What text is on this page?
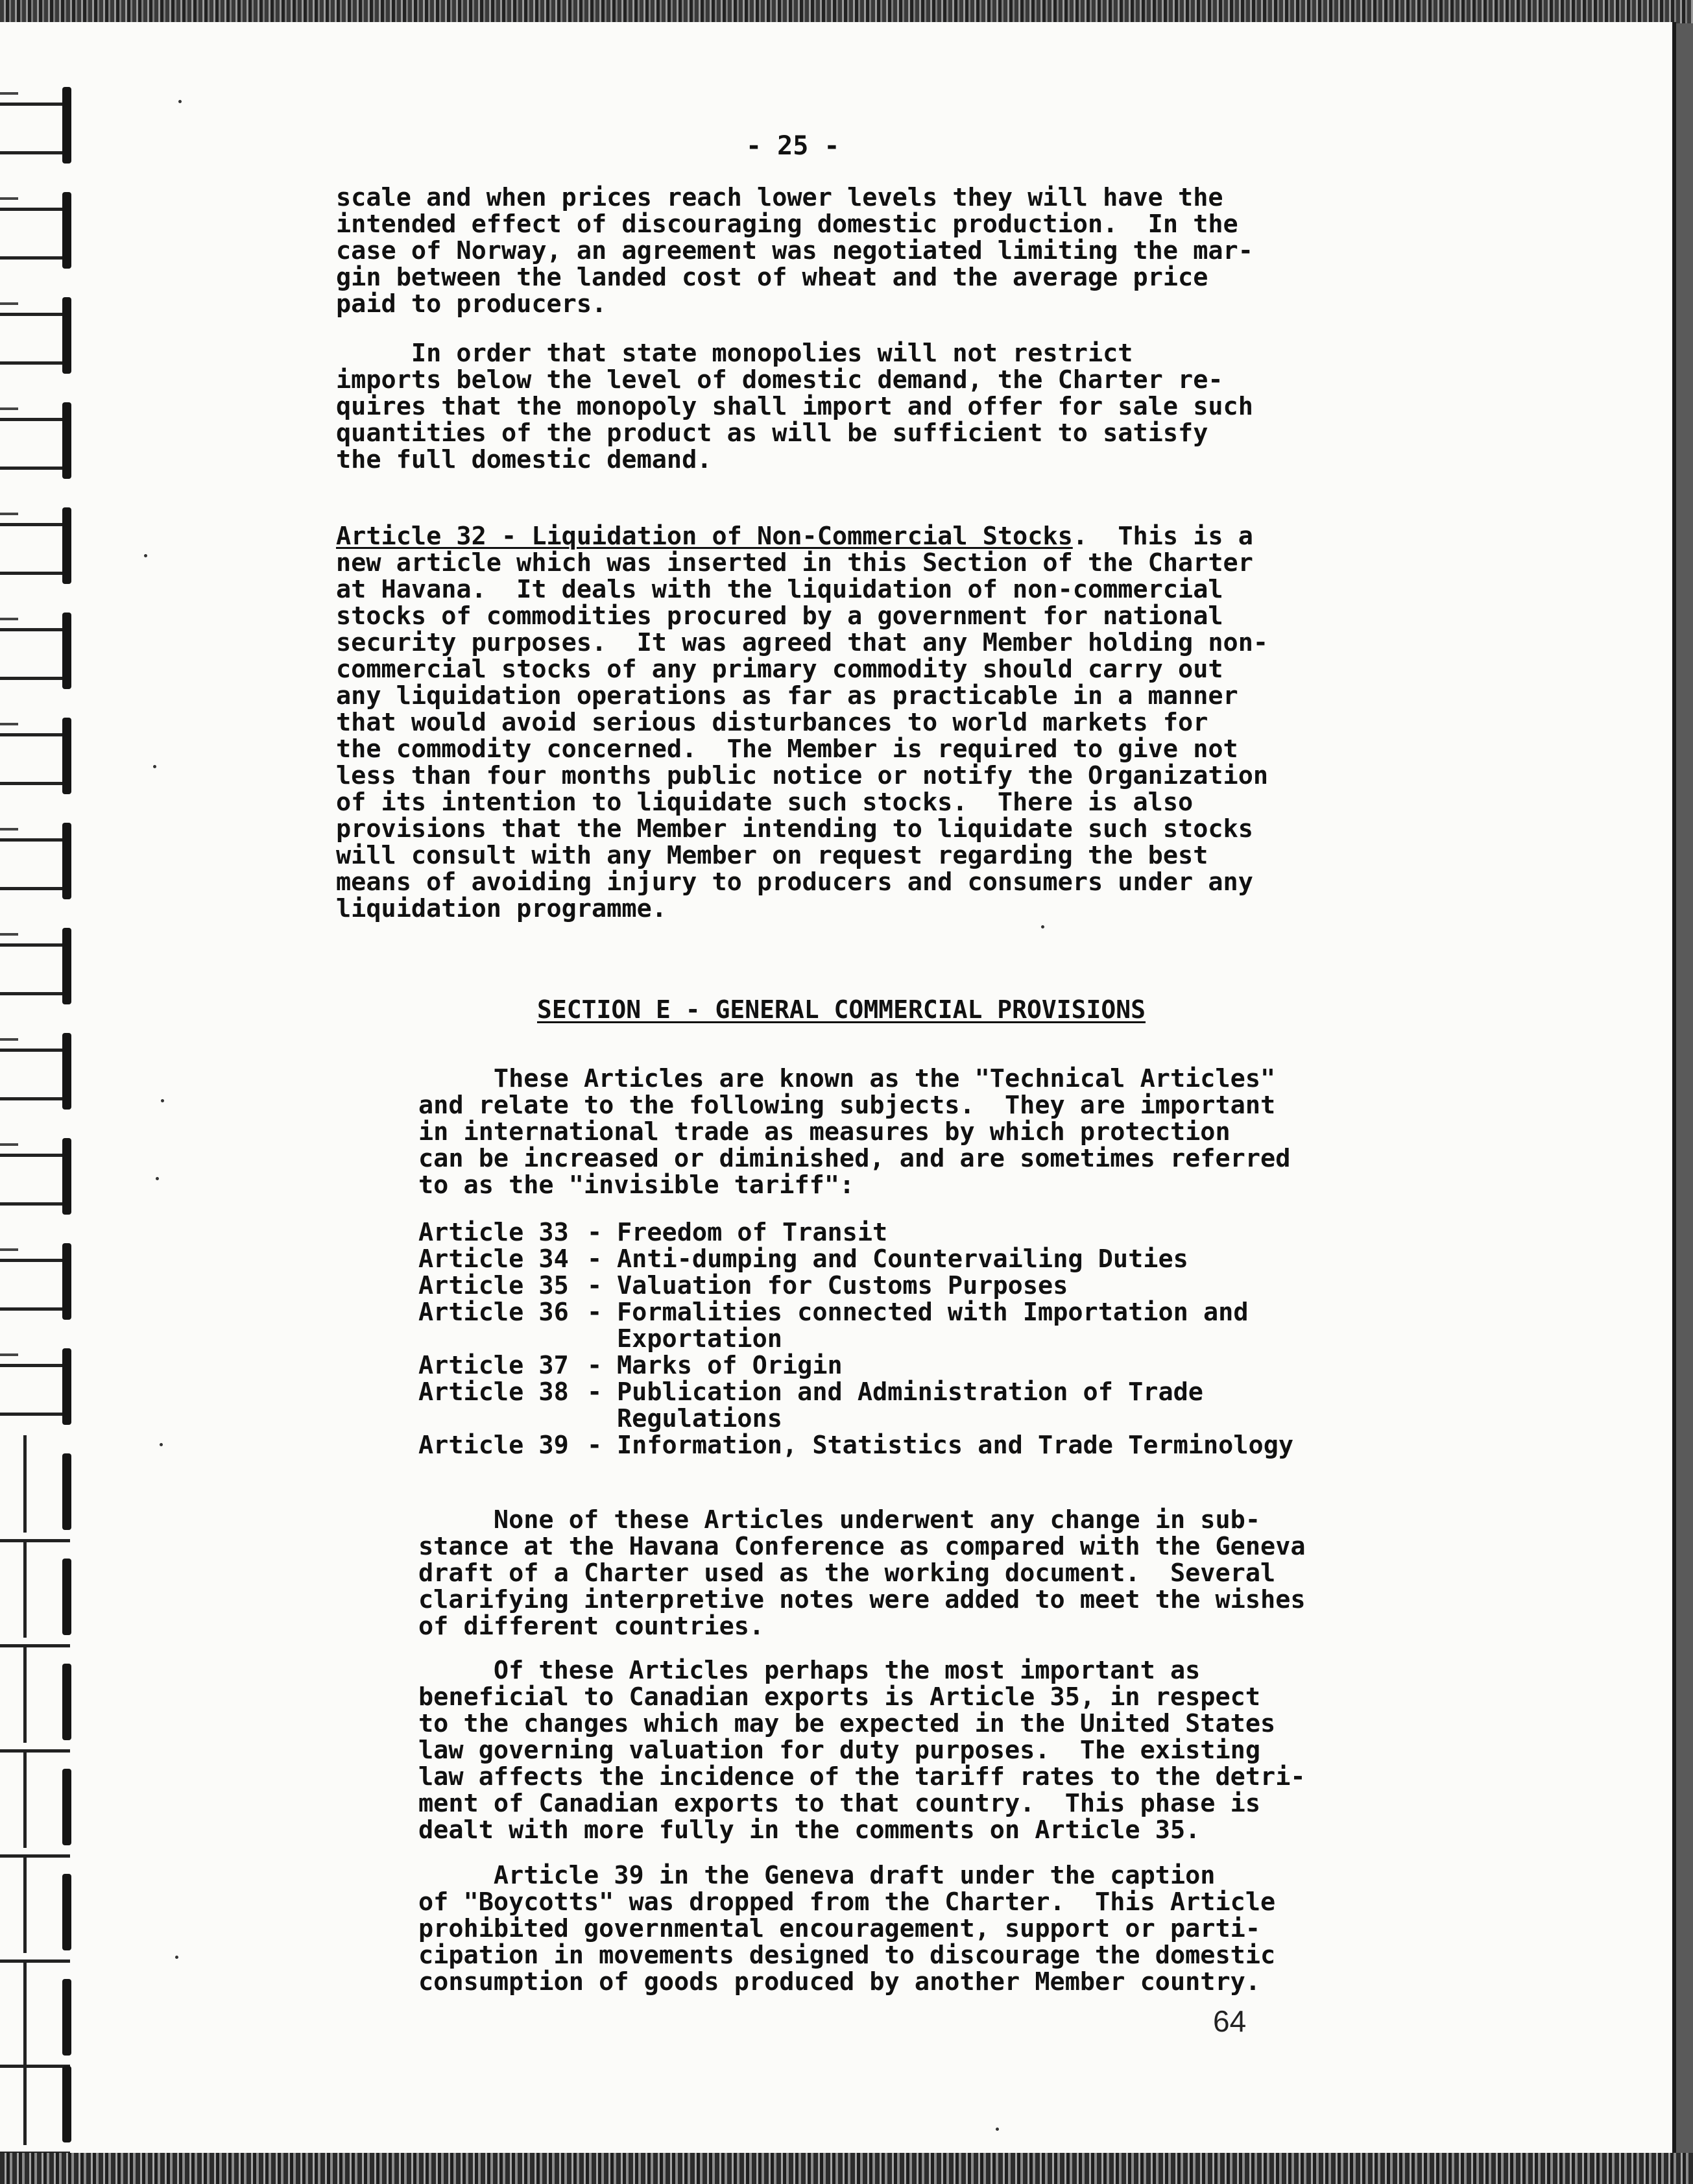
- 25 -
scale and when prices reach lower levels they will have the
intended effect of discouraging domestic production.  In the
case of Norway, an agreement was negotiated limiting the mar-
gin between the landed cost of wheat and the average price
paid to producers.
In order that state monopolies will not restrict
imports below the level of domestic demand, the Charter re-
quires that the monopoly shall import and offer for sale such
quantities of the product as will be sufficient to satisfy
the full domestic demand.
Article 32 - Liquidation of Non-Commercial Stocks.  This is a
new article which was inserted in this Section of the Charter
at Havana.  It deals with the liquidation of non-commercial
stocks of commodities procured by a government for national
security purposes.  It was agreed that any Member holding non-
commercial stocks of any primary commodity should carry out
any liquidation operations as far as practicable in a manner
that would avoid serious disturbances to world markets for
the commodity concerned.  The Member is required to give not
less than four months public notice or notify the Organization
of its intention to liquidate such stocks.  There is also
provisions that the Member intending to liquidate such stocks
will consult with any Member on request regarding the best
means of avoiding injury to producers and consumers under any
liquidation programme.
SECTION E - GENERAL COMMERCIAL PROVISIONS
These Articles are known as the "Technical Articles"
and relate to the following subjects.  They are important
in international trade as measures by which protection
can be increased or diminished, and are sometimes referred
to as the "invisible tariff":
Article 33 - Freedom of Transit
Article 34 - Anti-dumping and Countervailing Duties
Article 35 - Valuation for Customs Purposes
Article 36 - Formalities connected with Importation and
Exportation
Article 37 - Marks of Origin
Article 38 - Publication and Administration of Trade
Regulations
Article 39 - Information, Statistics and Trade Terminology
None of these Articles underwent any change in sub-
stance at the Havana Conference as compared with the Geneva
draft of a Charter used as the working document.  Several
clarifying interpretive notes were added to meet the wishes
of different countries.
Of these Articles perhaps the most important as
beneficial to Canadian exports is Article 35, in respect
to the changes which may be expected in the United States
law governing valuation for duty purposes.  The existing
law affects the incidence of the tariff rates to the detri-
ment of Canadian exports to that country.  This phase is
dealt with more fully in the comments on Article 35.
Article 39 in the Geneva draft under the caption
of "Boycotts" was dropped from the Charter.  This Article
prohibited governmental encouragement, support or parti-
cipation in movements designed to discourage the domestic
consumption of goods produced by another Member country.
64
